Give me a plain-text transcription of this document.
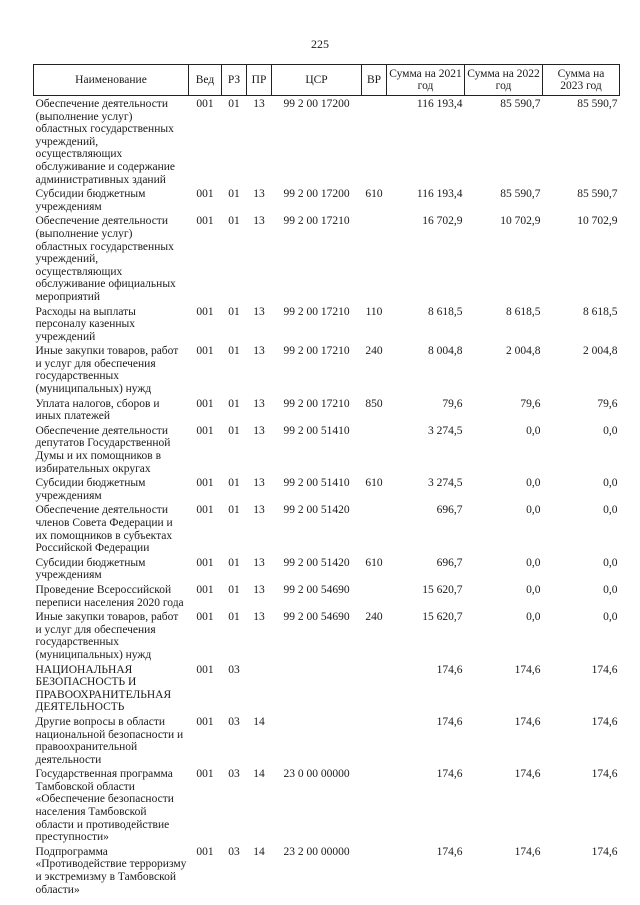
225
Наименование	Вед	РЗ	ПР	ЦСР	ВР	Сумма на 2021 год	Сумма на 2022 год	Сумма на 2023 год
Обеспечение деятельности (выполнение услуг) областных государственных учреждений, осуществляющих обслуживание и содержание административных зданий	001	01	13	99 2 00 17200		116 193,4	85 590,7	85 590,7
Субсидии бюджетным учреждениям	001	01	13	99 2 00 17200	610	116 193,4	85 590,7	85 590,7
Обеспечение деятельности (выполнение услуг) областных государственных учреждений, осуществляющих обслуживание официальных мероприятий	001	01	13	99 2 00 17210		16 702,9	10 702,9	10 702,9
Расходы на выплаты персоналу казенных учреждений	001	01	13	99 2 00 17210	110	8 618,5	8 618,5	8 618,5
Иные закупки товаров, работ и услуг для обеспечения государственных (муниципальных) нужд	001	01	13	99 2 00 17210	240	8 004,8	2 004,8	2 004,8
Уплата налогов, сборов и иных платежей	001	01	13	99 2 00 17210	850	79,6	79,6	79,6
Обеспечение деятельности депутатов Государственной Думы и их помощников в избирательных округах	001	01	13	99 2 00 51410		3 274,5	0,0	0,0
Субсидии бюджетным учреждениям	001	01	13	99 2 00 51410	610	3 274,5	0,0	0,0
Обеспечение деятельности членов Совета Федерации и их помощников в субъектах Российской Федерации	001	01	13	99 2 00 51420		696,7	0,0	0,0
Субсидии бюджетным учреждениям	001	01	13	99 2 00 51420	610	696,7	0,0	0,0
Проведение Всероссийской переписи населения 2020 года	001	01	13	99 2 00 54690		15 620,7	0,0	0,0
Иные закупки товаров, работ и услуг для обеспечения государственных (муниципальных) нужд	001	01	13	99 2 00 54690	240	15 620,7	0,0	0,0
НАЦИОНАЛЬНАЯ БЕЗОПАСНОСТЬ И ПРАВООХРАНИТЕЛЬНАЯ ДЕЯТЕЛЬНОСТЬ	001	03				174,6	174,6	174,6
Другие вопросы в области национальной безопасности и правоохранительной деятельности	001	03	14			174,6	174,6	174,6
Государственная программа Тамбовской области «Обеспечение безопасности населения Тамбовской области и противодействие преступности»	001	03	14	23 0 00 00000		174,6	174,6	174,6
Подпрограмма «Противодействие терроризму и экстремизму в Тамбовской области»	001	03	14	23 2 00 00000		174,6	174,6	174,6
